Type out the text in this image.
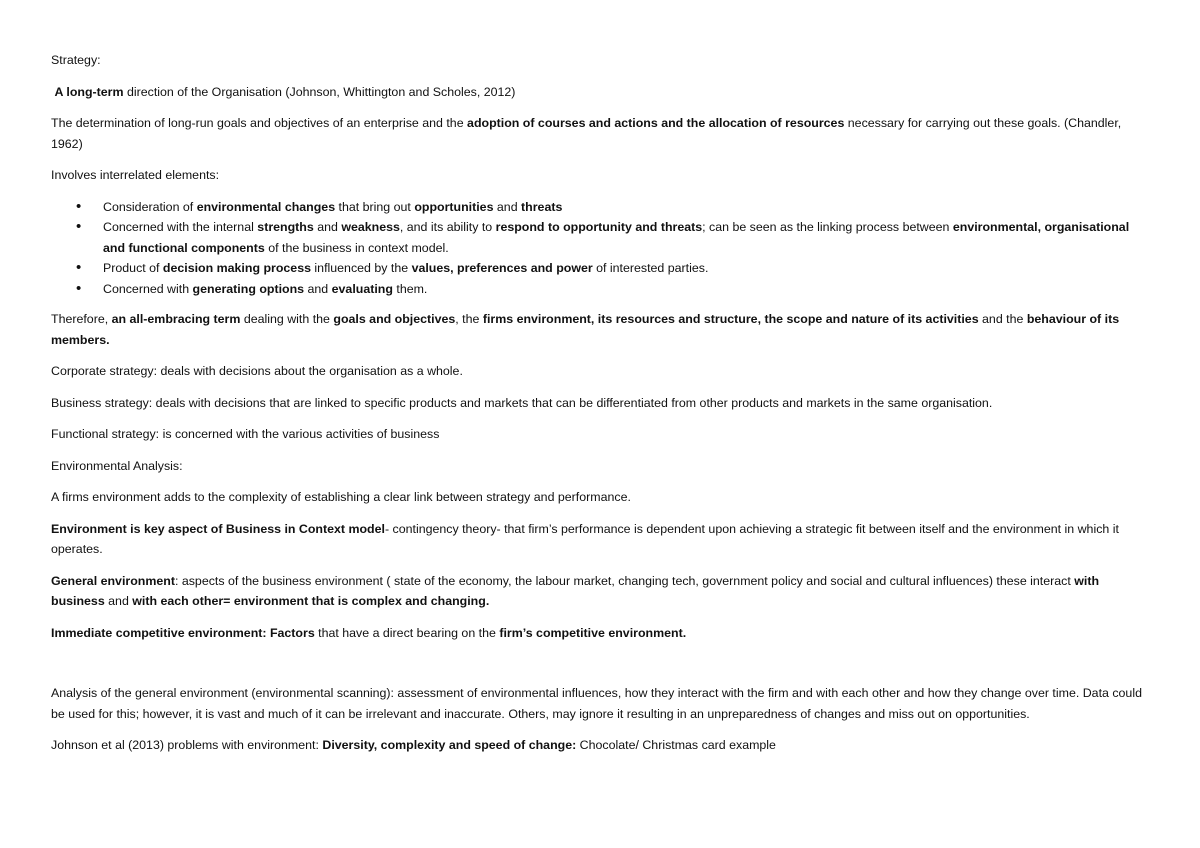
Strategy:

A long-term direction of the Organisation (Johnson, Whittington and Scholes, 2012)

The determination of long-run goals and objectives of an enterprise and the adoption of courses and actions and the allocation of resources necessary for carrying out these goals. (Chandler, 1962)

Involves interrelated elements:

• Consideration of environmental changes that bring out opportunities and threats
• Concerned with the internal strengths and weakness, and its ability to respond to opportunity and threats; can be seen as the linking process between environmental, organisational and functional components of the business in context model.
• Product of decision making process influenced by the values, preferences and power of interested parties.
• Concerned with generating options and evaluating them.

Therefore, an all-embracing term dealing with the goals and objectives, the firms environment, its resources and structure, the scope and nature of its activities and the behaviour of its members.

Corporate strategy: deals with decisions about the organisation as a whole.

Business strategy: deals with decisions that are linked to specific products and markets that can be differentiated from other products and markets in the same organisation.

Functional strategy: is concerned with the various activities of business

Environmental Analysis:

A firms environment adds to the complexity of establishing a clear link between strategy and performance.

Environment is key aspect of Business in Context model- contingency theory- that firm’s performance is dependent upon achieving a strategic fit between itself and the environment in which it operates.

General environment: aspects of the business environment ( state of the economy, the labour market, changing tech, government policy and social and cultural influences) these interact with business and with each other= environment that is complex and changing.

Immediate competitive environment: Factors that have a direct bearing on the firm’s competitive environment.

Analysis of the general environment (environmental scanning): assessment of environmental influences, how they interact with the firm and with each other and how they change over time. Data could be used for this; however, it is vast and much of it can be irrelevant and inaccurate. Others, may ignore it resulting in an unpreparedness of changes and miss out on opportunities.

Johnson et al (2013) problems with environment: Diversity, complexity and speed of change: Chocolate/ Christmas card example
